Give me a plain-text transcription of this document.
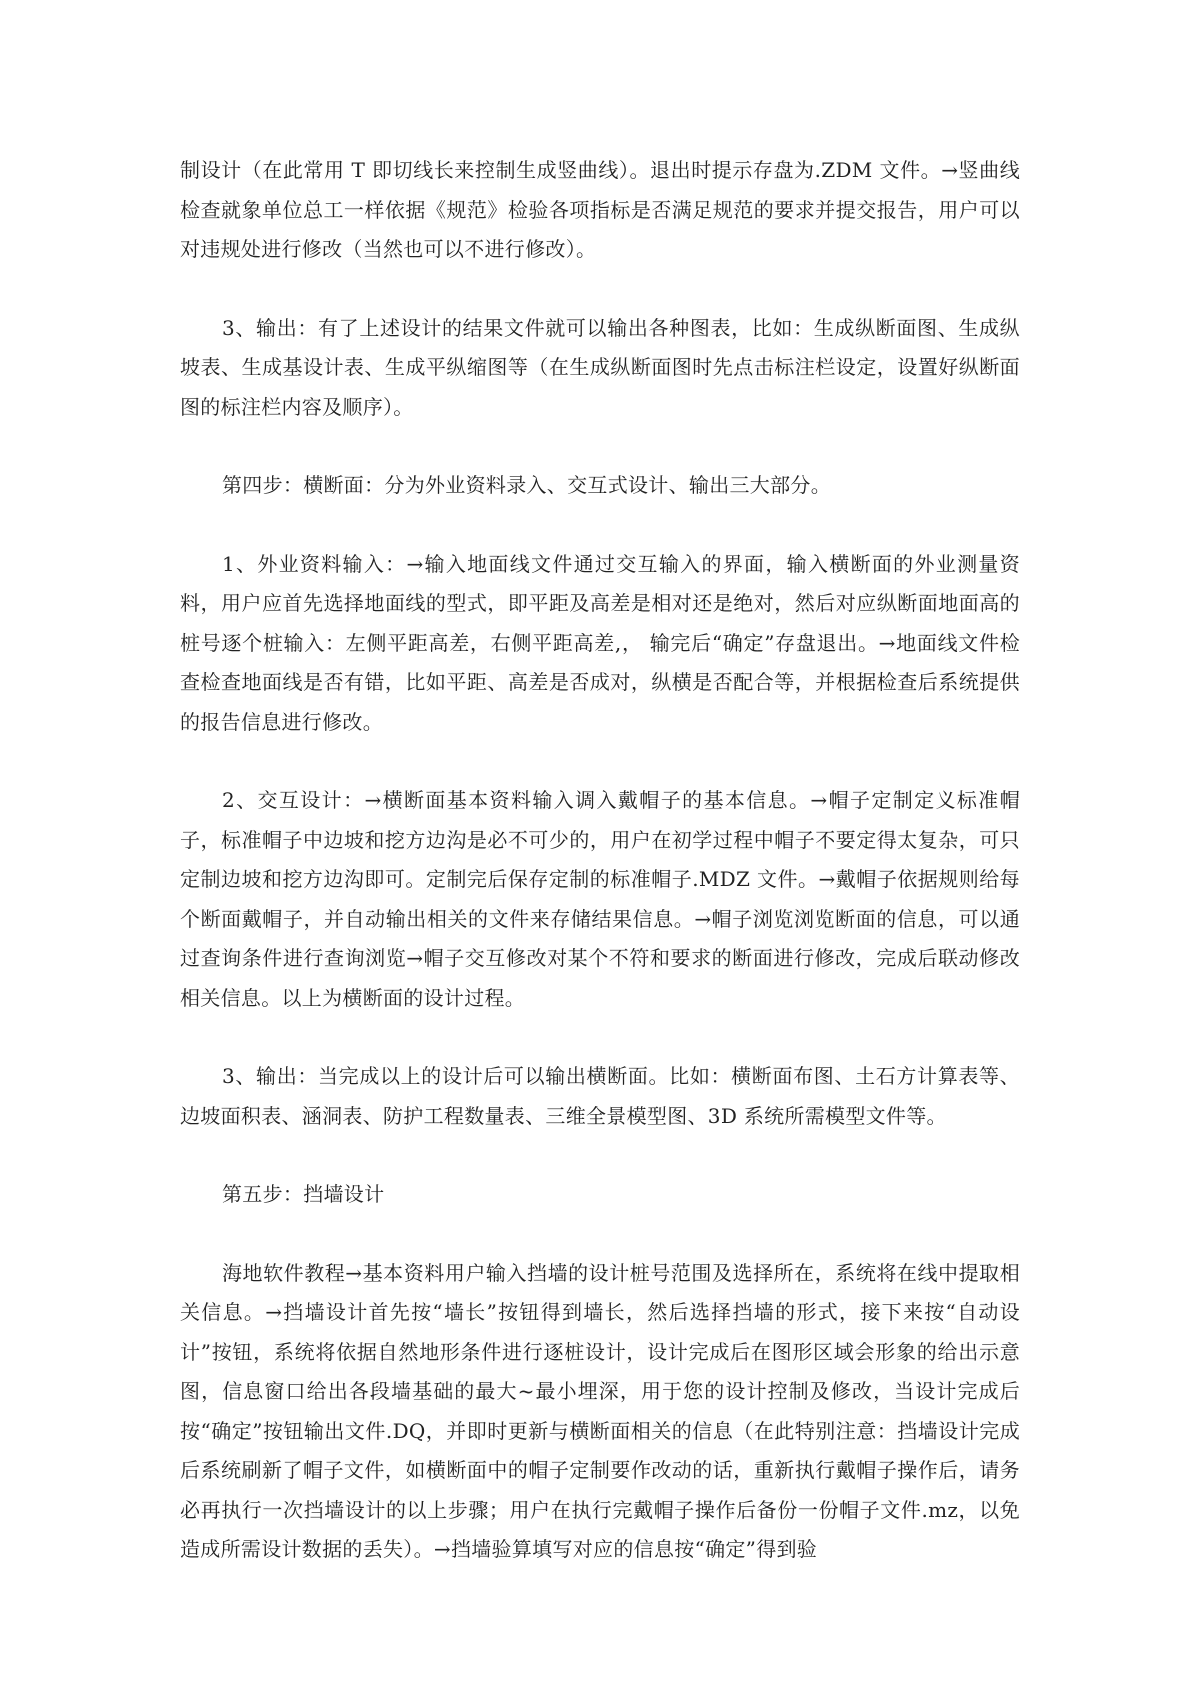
制设计（在此常用 T 即切线长来控制生成竖曲线）。退出时提示存盘为.ZDM 文件。→竖曲线检查就象单位总工一样依据《规范》检验各项指标是否满足规范的要求并提交报告，用户可以对违规处进行修改（当然也可以不进行修改）。

3、输出：有了上述设计的结果文件就可以输出各种图表，比如：生成纵断面图、生成纵坡表、生成基设计表、生成平纵缩图等（在生成纵断面图时先点击标注栏设定，设置好纵断面图的标注栏内容及顺序）。

第四步：横断面：分为外业资料录入、交互式设计、输出三大部分。

1、外业资料输入：→输入地面线文件通过交互输入的界面，输入横断面的外业测量资料，用户应首先选择地面线的型式，即平距及高差是相对还是绝对，然后对应纵断面地面高的桩号逐个桩输入：左侧平距高差，右侧平距高差,， 输完后“确定”存盘退出。→地面线文件检查检查地面线是否有错，比如平距、高差是否成对，纵横是否配合等，并根据检查后系统提供的报告信息进行修改。

2、交互设计：→横断面基本资料输入调入戴帽子的基本信息。→帽子定制定义标准帽子，标准帽子中边坡和挖方边沟是必不可少的，用户在初学过程中帽子不要定得太复杂，可只定制边坡和挖方边沟即可。定制完后保存定制的标准帽子.MDZ 文件。→戴帽子依据规则给每个断面戴帽子，并自动输出相关的文件来存储结果信息。→帽子浏览浏览断面的信息，可以通过查询条件进行查询浏览→帽子交互修改对某个不符和要求的断面进行修改，完成后联动修改相关信息。以上为横断面的设计过程。

3、输出：当完成以上的设计后可以输出横断面。比如：横断面布图、土石方计算表等、边坡面积表、涵洞表、防护工程数量表、三维全景模型图、3D 系统所需模型文件等。

第五步：挡墙设计

海地软件教程→基本资料用户输入挡墙的设计桩号范围及选择所在，系统将在线中提取相关信息。→挡墙设计首先按“墙长”按钮得到墙长，然后选择挡墙的形式，接下来按“自动设计”按钮，系统将依据自然地形条件进行逐桩设计，设计完成后在图形区域会形象的给出示意图，信息窗口给出各段墙基础的最大~最小埋深，用于您的设计控制及修改，当设计完成后按“确定”按钮输出文件.DQ，并即时更新与横断面相关的信息（在此特别注意：挡墙设计完成后系统刷新了帽子文件，如横断面中的帽子定制要作改动的话，重新执行戴帽子操作后，请务必再执行一次挡墙设计的以上步骤；用户在执行完戴帽子操作后备份一份帽子文件.mz，以免造成所需设计数据的丢失）。→挡墙验算填写对应的信息按“确定”得到验
